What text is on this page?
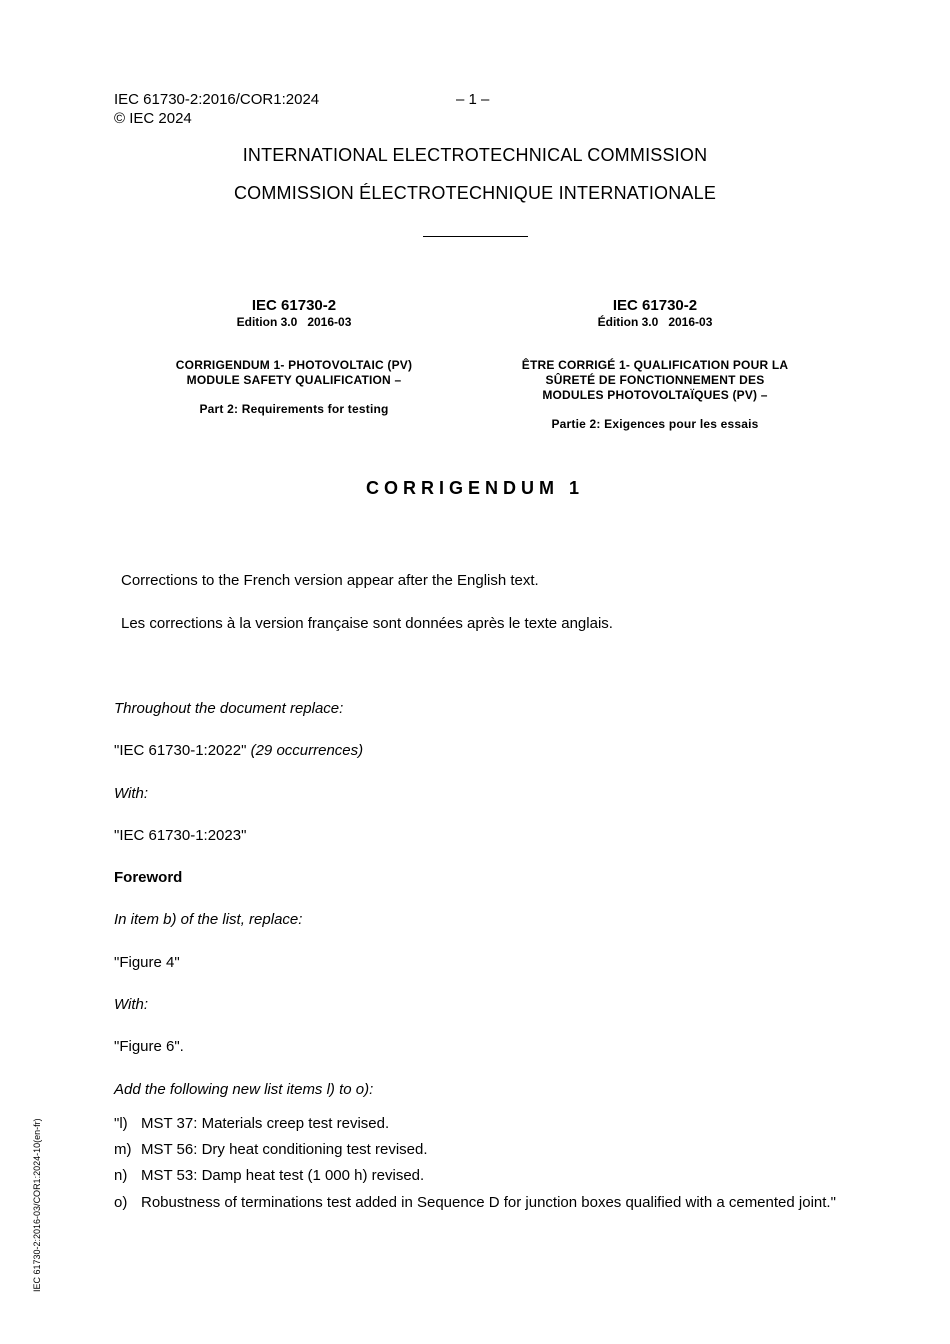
IEC 61730-2:2016/COR1:2024	– 1 –
© IEC 2024
INTERNATIONAL ELECTROTECHNICAL COMMISSION
COMMISSION ÉLECTROTECHNIQUE INTERNATIONALE
IEC 61730-2
Edition 3.0 2016-03
CORRIGENDUM 1- PHOTOVOLTAIC (PV)
MODULE SAFETY QUALIFICATION –
Part 2: Requirements for testing
IEC 61730-2
Édition 3.0 2016-03
ÊTRE CORRIGÉ 1- QUALIFICATION POUR LA
SÛRETÉ DE FONCTIONNEMENT DES
MODULES PHOTOVOLTAÏQUES (PV) –
Partie 2: Exigences pour les essais
CORRIGENDUM 1
Corrections to the French version appear after the English text.
Les corrections à la version française sont données après le texte anglais.
Throughout the document replace:
"IEC 61730-1:2022" (29 occurrences)
With:
"IEC 61730-1:2023"
Foreword
In item b) of the list, replace:
"Figure 4"
With:
"Figure 6".
Add the following new list items l) to o):
"l) MST 37: Materials creep test revised.
m) MST 56: Dry heat conditioning test revised.
n) MST 53: Damp heat test (1 000 h) revised.
o) Robustness of terminations test added in Sequence D for junction boxes qualified with a cemented joint."
IEC 61730-2:2016-03/COR1:2024-10(en-fr)
